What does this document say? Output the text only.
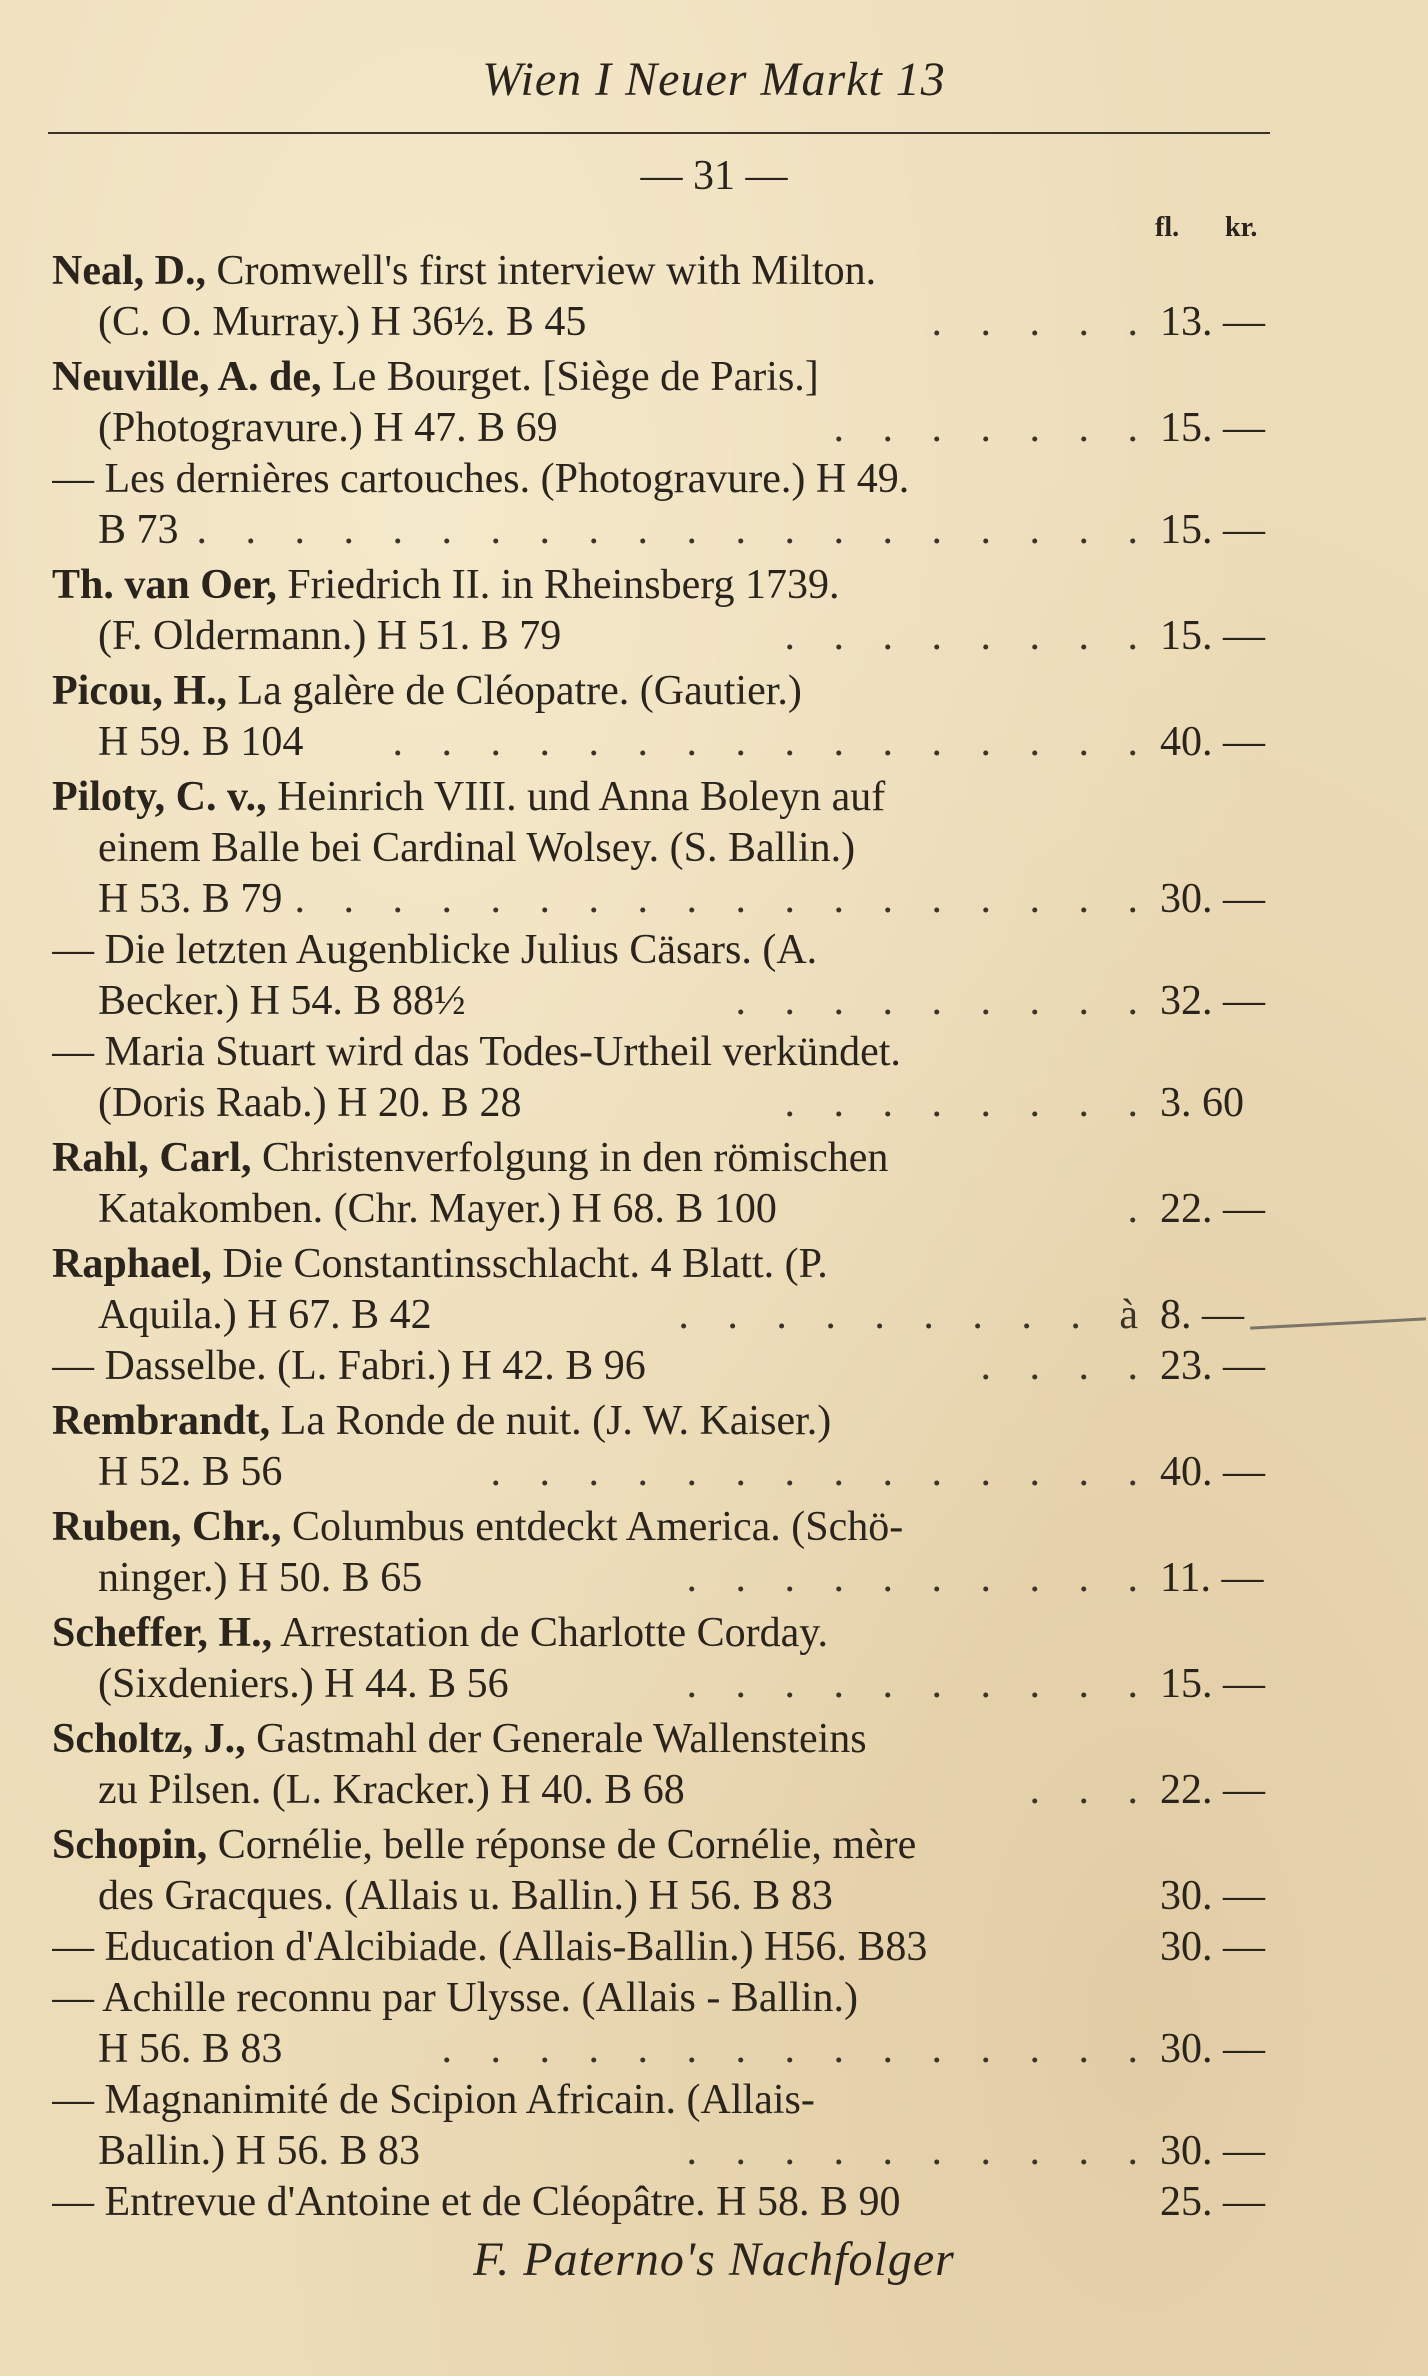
Wien I Neuer Markt 13
— 31 —
fl. kr.
Neal, D., Cromwell's first interview with Milton.
(C. O. Murray.) H 36½. B 45	. . . . . 13. —
Neuville, A. de, Le Bourget. [Siège de Paris.]
(Photogravure.) H 47. B 69	. . . . . . . 15. —
— Les dernières cartouches. (Photogravure.) H 49.
B 73 . . . . . . . . . . . . . . . . . . . . 15. —
Th. van Oer, Friedrich II. in Rheinsberg 1739.
(F. Oldermann.) H 51. B 79	. . . . . . . . 15. —
Picou, H., La galère de Cléopatre. (Gautier.)
H 59. B 104 . . . . . . . . . . . . . . . . 40. —
Piloty, C. v., Heinrich VIII. und Anna Boleyn auf
einem Balle bei Cardinal Wolsey. (S. Ballin.)
H 53. B 79 . . . . . . . . . . . . . . . . . . 30. —
— Die letzten Augenblicke Julius Cäsars. (A.
Becker.) H 54. B 88½	. . . . . . . . . 32. —
— Maria Stuart wird das Todes-Urtheil verkündet.
(Doris Raab.) H 20. B 28	. . . . . . . . 3. 60
Rahl, Carl, Christenverfolgung in den römischen
Katakomben. (Chr. Mayer.) H 68. B 100	. 22. —
Raphael, Die Constantinsschlacht. 4 Blatt. (P.
Aquila.) H 67. B 42	. . . . . . . . . à 8. —
— Dasselbe. (L. Fabri.) H 42. B 96	. . . . 23. —
Rembrandt, La Ronde de nuit. (J. W. Kaiser.)
H 52. B 56	. . . . . . . . . . . . . . 40. —
Ruben, Chr., Columbus entdeckt America. (Schö-
ninger.) H 50. B 65	. . . . . . . . . . 11. —
Scheffer, H., Arrestation de Charlotte Corday.
(Sixdeniers.) H 44. B 56	. . . . . . . . . . 15. —
Scholtz, J., Gastmahl der Generale Wallensteins
zu Pilsen. (L. Kracker.) H 40. B 68	. . . 22. —
Schopin, Cornélie, belle réponse de Cornélie, mère
des Gracques. (Allais u. Ballin.) H 56. B 83	30. —
— Education d'Alcibiade. (Allais-Ballin.) H56. B83	30. —
— Achille reconnu par Ulysse. (Allais - Ballin.)
H 56. B 83	. . . . . . . . . . . . . . . 30. —
— Magnanimité de Scipion Africain. (Allais-
Ballin.) H 56. B 83	. . . . . . . . . . 30. —
— Entrevue d'Antoine et de Cléopâtre. H 58. B 90	25. —
F. Paterno's Nachfolger
